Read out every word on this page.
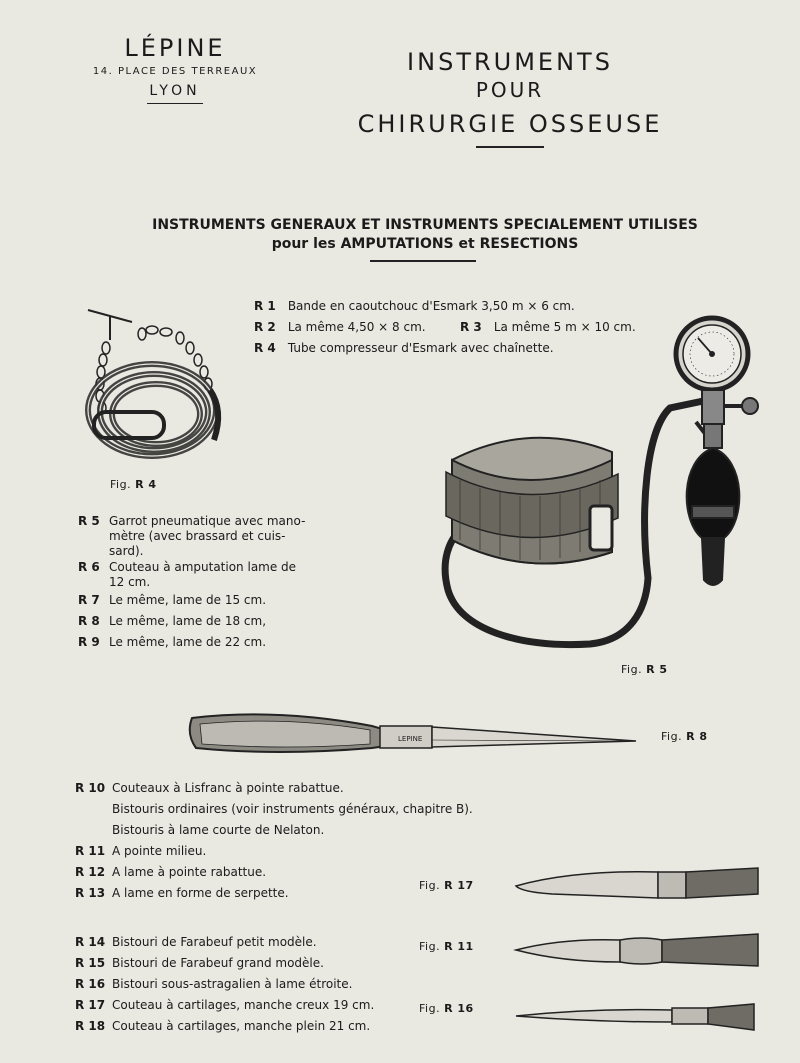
LÉPINE
14. PLACE DES TERREAUX
LYON
INSTRUMENTS
POUR
CHIRURGIE OSSEUSE
INSTRUMENTS GENERAUX ET INSTRUMENTS SPECIALEMENT UTILISES
pour les AMPUTATIONS et RESECTIONS
R 1 Bande en caoutchouc d'Esmark 3,50 m × 6 cm.
R 2 La même 4,50 × 8 cm.	R 3 La même 5 m × 10 cm.
R 4 Tube compresseur d'Esmark avec chaînette.
Fig. R 4
R 5 Garrot pneumatique avec mano-
mètre (avec brassard et cuis-
sard).
R 6 Couteau à amputation lame de
12 cm.
R 7 Le même, lame de 15 cm.
R 8 Le même, lame de 18 cm,
R 9 Le même, lame de 22 cm.
Fig. R 5
LEPINE	Fig. R 8
R 10 Couteaux à Lisfranc à pointe rabattue.
Bistouris ordinaires (voir instruments généraux, chapitre B).
Bistouris à lame courte de Nelaton.
R 11 A pointe milieu.
R 12 A lame à pointe rabattue.
R 13 A lame en forme de serpette.
R 14 Bistouri de Farabeuf petit modèle.
R 15 Bistouri de Farabeuf grand modèle.
R 16 Bistouri sous-astragalien à lame étroite.
R 17 Couteau à cartilages, manche creux 19 cm.
R 18 Couteau à cartilages, manche plein 21 cm.
Fig. R 17
Fig. R 11
Fig. R 16
